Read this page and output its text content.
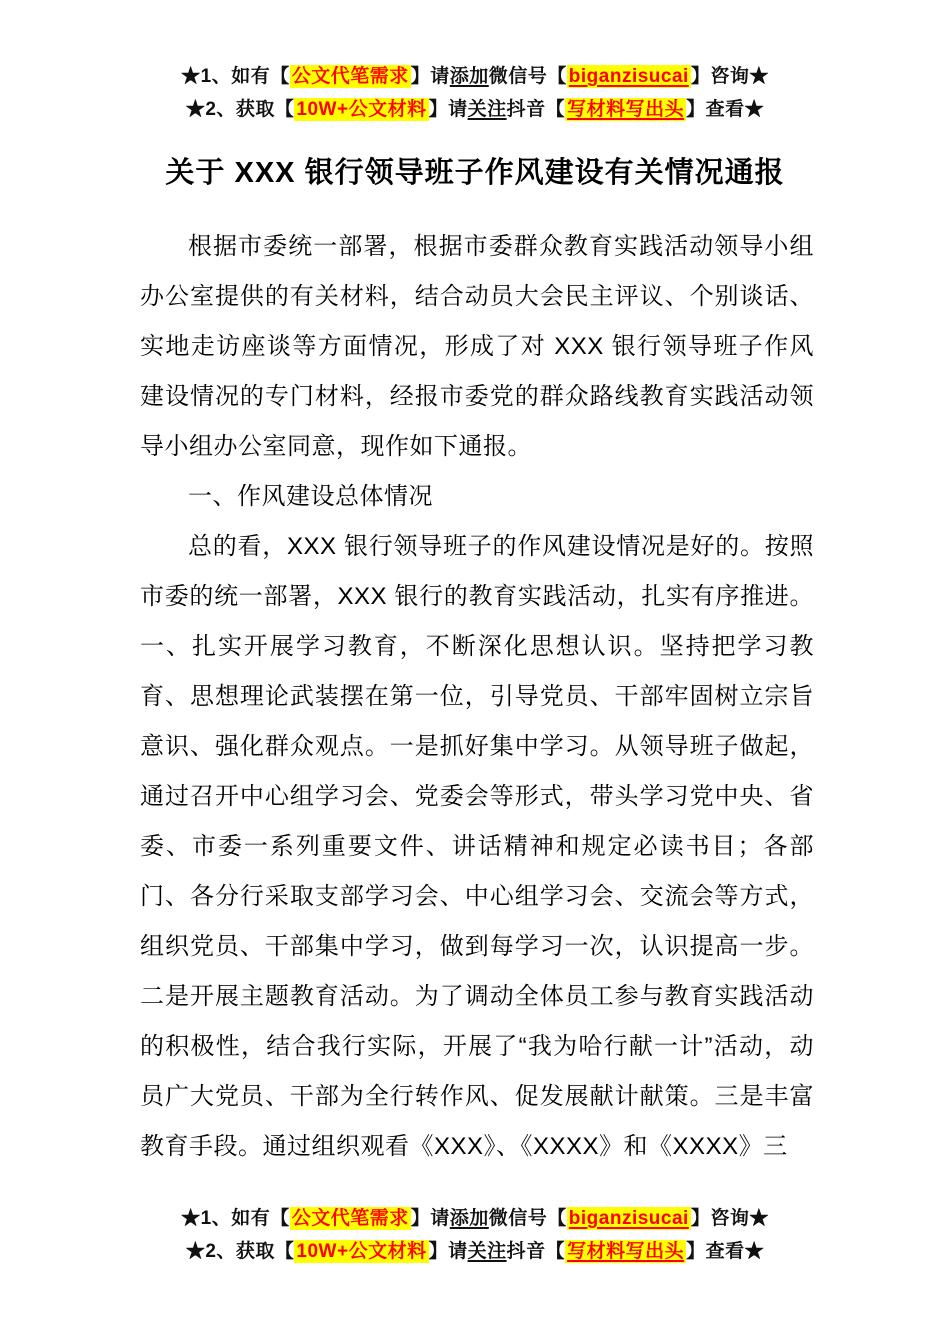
★1、如有【 公文代笔需求 】请添加微信号【 biganzisucai 】咨询★
★2、获取【 10W+公文材料 】请关注抖音【 写材料写出头 】查看★
关于 XXX 银行领导班子作风建设有关情况通报

根据市委统一部署，根据市委群众教育实践活动领导小组办公室提供的有关材料，结合动员大会民主评议、个别谈话、实地走访座谈等方面情况，形成了对 XXX 银行领导班子作风建设情况的专门材料，经报市委党的群众路线教育实践活动领导小组办公室同意，现作如下通报。

一、作风建设总体情况

总的看，XXX 银行领导班子的作风建设情况是好的。按照市委的统一部署，XXX 银行的教育实践活动，扎实有序推进。一、扎实开展学习教育，不断深化思想认识。坚持把学习教育、思想理论武装摆在第一位，引导党员、干部牢固树立宗旨意识、强化群众观点。一是抓好集中学习。从领导班子做起，通过召开中心组学习会、党委会等形式，带头学习党中央、省委、市委一系列重要文件、讲话精神和规定必读书目；各部门、各分行采取支部学习会、中心组学习会、交流会等方式，组织党员、干部集中学习，做到每学习一次，认识提高一步。二是开展主题教育活动。为了调动全体员工参与教育实践活动的积极性，结合我行实际，开展了“我为哈行献一计”活动，动员广大党员、干部为全行转作风、促发展献计献策。三是丰富教育手段。通过组织观看《XXX》、《XXXX》和《XXXX》三

★1、如有【 公文代笔需求 】请添加微信号【 biganzisucai 】咨询★
★2、获取【 10W+公文材料 】请关注抖音【 写材料写出头 】查看★
